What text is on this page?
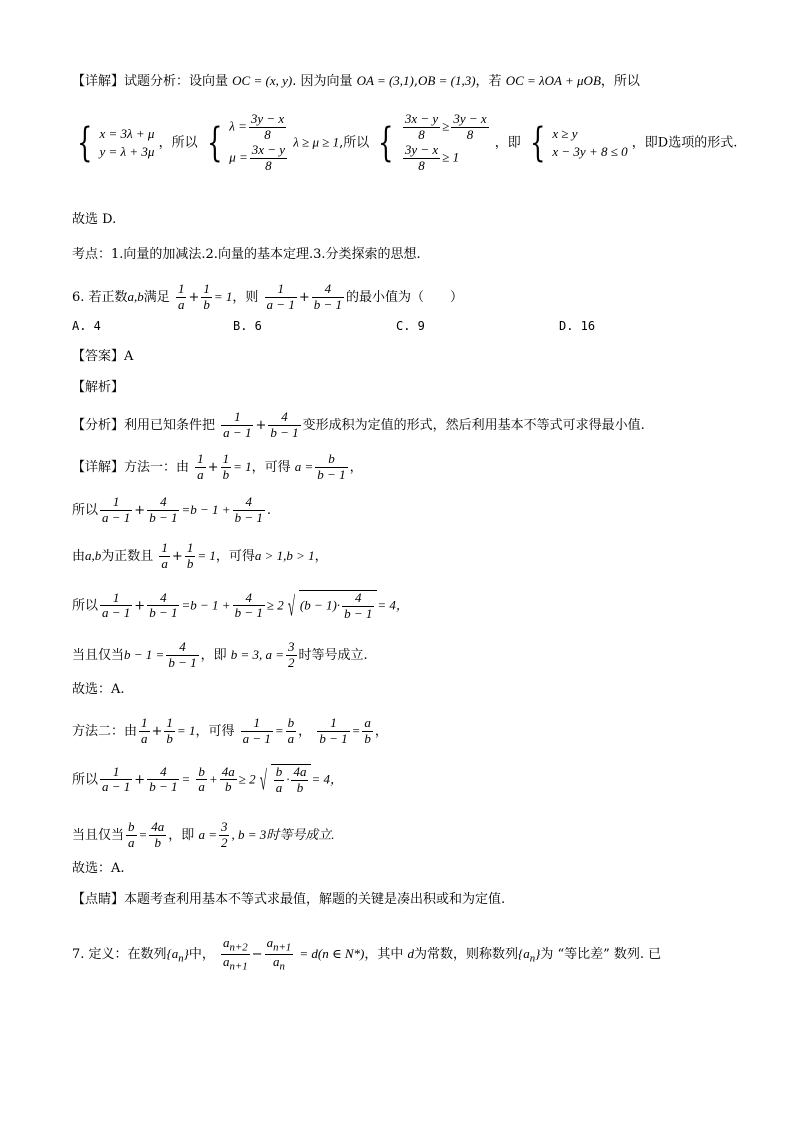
【详解】试题分析：设向量 OC = (x, y). 因为向量 OA = (3,1),OB = (1,3)，若 OC = λOA + μOB，所以
{ x = 3λ + μ
y = λ + 3μ
，所以 { $\lambda = \frac{3y - x}{8}$
$\mu = \frac{3x - y}{8}$
λ ≥ μ ≥ 1,所以 { $\frac{3x - y}{8} \ge \frac{3y - x}{8}$
$\frac{3y - x}{8} \ge 1$
，即 { x ≥ y
x − 3y + 8 ≤ 0
，即D选项的形式.
故选 D.
考点：1.向量的加减法.2.向量的基本定理.3.分类探索的思想.
6. 若正数a,b满足 $\frac{1}{a} + \frac{1}{b} = 1$，则 $\frac{1}{a - 1} + \frac{4}{b - 1}$ 的最小值为（　　）
A. 4	B. 6	C. 9	D. 16
【答案】A
【解析】
【分析】利用已知条件把 $\frac{1}{a - 1} + \frac{4}{b - 1}$ 变形成积为定值的形式，然后利用基本不等式可求得最小值.
【详解】方法一：由 $\frac{1}{a} + \frac{1}{b} = 1$，可得 $a = \frac{b}{b - 1}$ ，
所以 $\frac{1}{a - 1} + \frac{4}{b - 1} =b - 1 + \frac{4}{b - 1}$ .
由a,b为正数且 $\frac{1}{a} + \frac{1}{b} = 1$，可得a > 1,b > 1，
所以 $\frac{1}{a - 1} + \frac{4}{b - 1} =b - 1 + \frac{4}{b - 1} \ge 2$ √ $(b - 1)\cdot \frac{4}{b - 1} = 4$，
当且仅当$b - 1 = \frac{4}{b - 1}$ ，即 b = 3, $a = \frac{3}{2}$ 时等号成立.
故选：A.
方法二：由 $\frac{1}{a} + \frac{1}{b} = 1$，可得 $\frac{1}{a - 1} = \frac{b}{a}$ ， $\frac{1}{b - 1} = \frac{a}{b}$ ，
所以 $\frac{1}{a - 1} + \frac{4}{b - 1} = \frac{b}{a} + \frac{4a}{b} \ge 2$ √ $\frac{b}{a} \cdot \frac{4a}{b} = 4$，
当且仅当 $\frac{b}{a} = \frac{4a}{b}$ ，即 $a = \frac{3}{2}$ , b = 3时等号成立.
故选：A.
【点睛】本题考查利用基本不等式求最值，解题的关键是凑出积或和为定值.
7. 定义：在数列$\{a_n\}$中， $\frac{a_{n+2}}{a_{n+1}} - \frac{a_{n+1}}{a_n} = d(n$ ∈ N*)，其中 d为常数，则称数列$\{a_n\}$为 “等比差” 数列. 已
